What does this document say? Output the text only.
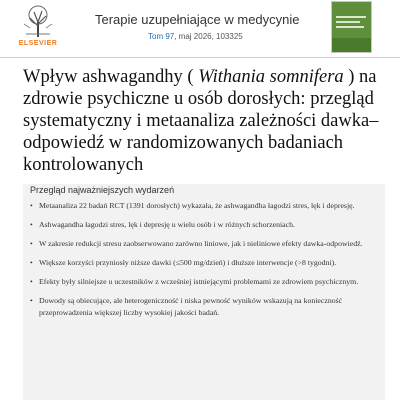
ELSEVIER
Terapie uzupełniające w medycynie
Tom 97, maj 2026, 103325
Wpływ ashwagandhy ( Withania somnifera ) na zdrowie psychiczne u osób dorosłych: przegląd systematyczny i metaanaliza zależności dawka–odpowiedź w randomizowanych badaniach kontrolowanych
Przegląd najważniejszych wydarzeń
• Metaanaliza 22 badań RCT (1391 dorosłych) wykazała, że ashwagandha łagodzi stres, lęk i depresję.
• Ashwagandha łagodzi stres, lęk i depresję u wielu osób i w różnych schorzeniach.
• W zakresie redukcji stresu zaobserwowano zarówno liniowe, jak i nieliniowe efekty dawka-odpowiedź.
• Większe korzyści przyniosły niższe dawki (≤500 mg/dzień) i dłuższe interwencje (>8 tygodni).
• Efekty były silniejsze u uczestników z wcześniej istniejącymi problemami ze zdrowiem psychicznym.
• Dowody są obiecujące, ale heterogeniczność i niska pewność wyników wskazują na konieczność przeprowadzenia większej liczby wysokiej jakości badań.
